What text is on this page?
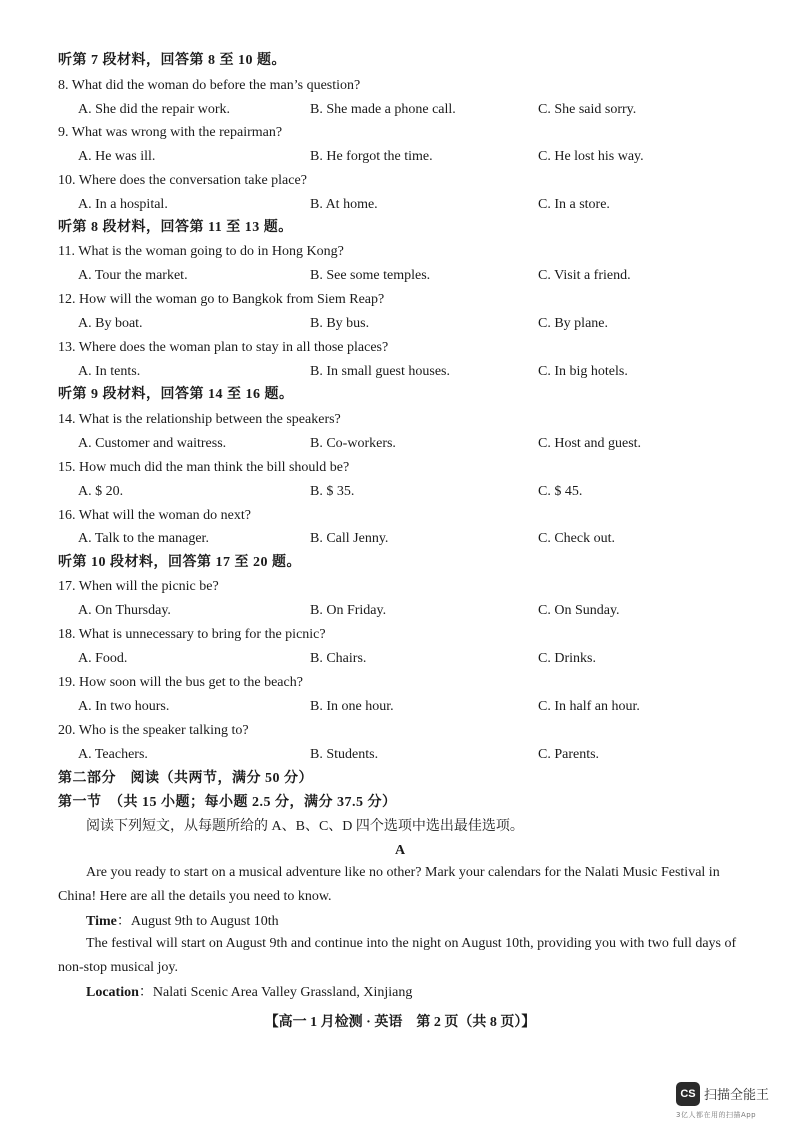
听第 7 段材料，回答第 8 至 10 题。
8. What did the woman do before the man’s question?
A. She did the repair work.	B. She made a phone call.	C. She said sorry.
9. What was wrong with the repairman?
A. He was ill.	B. He forgot the time.	C. He lost his way.
10. Where does the conversation take place?
A. In a hospital.	B. At home.	C. In a store.
听第 8 段材料，回答第 11 至 13 题。
11. What is the woman going to do in Hong Kong?
A. Tour the market.	B. See some temples.	C. Visit a friend.
12. How will the woman go to Bangkok from Siem Reap?
A. By boat.	B. By bus.	C. By plane.
13. Where does the woman plan to stay in all those places?
A. In tents.	B. In small guest houses.	C. In big hotels.
听第 9 段材料，回答第 14 至 16 题。
14. What is the relationship between the speakers?
A. Customer and waitress.	B. Co-workers.	C. Host and guest.
15. How much did the man think the bill should be?
A. $ 20.	B. $ 35.	C. $ 45.
16. What will the woman do next?
A. Talk to the manager.	B. Call Jenny.	C. Check out.
听第 10 段材料，回答第 17 至 20 题。
17. When will the picnic be?
A. On Thursday.	B. On Friday.	C. On Sunday.
18. What is unnecessary to bring for the picnic?
A. Food.	B. Chairs.	C. Drinks.
19. How soon will the bus get to the beach?
A. In two hours.	B. In one hour.	C. In half an hour.
20. Who is the speaker talking to?
A. Teachers.	B. Students.	C. Parents.
第二部分　阅读（共两节，满分 50 分）
第一节　（共 15 小题；每小题 2.5 分，满分 37.5 分）
阅读下列短文，从每题所给的 A、B、C、D 四个选项中选出最佳选项。
A
Are you ready to start on a musical adventure like no other? Mark your calendars for the Nalati Music Festival in China! Here are all the details you need to know.
Time：August 9th to August 10th
The festival will start on August 9th and continue into the night on August 10th, providing you with two full days of non-stop musical joy.
Location：Nalati Scenic Area Valley Grassland, Xinjiang
【高一 1 月检测 · 英语　第 2 页（共 8 页）】
CS 扫描全能王
3亿人都在用的扫描App
